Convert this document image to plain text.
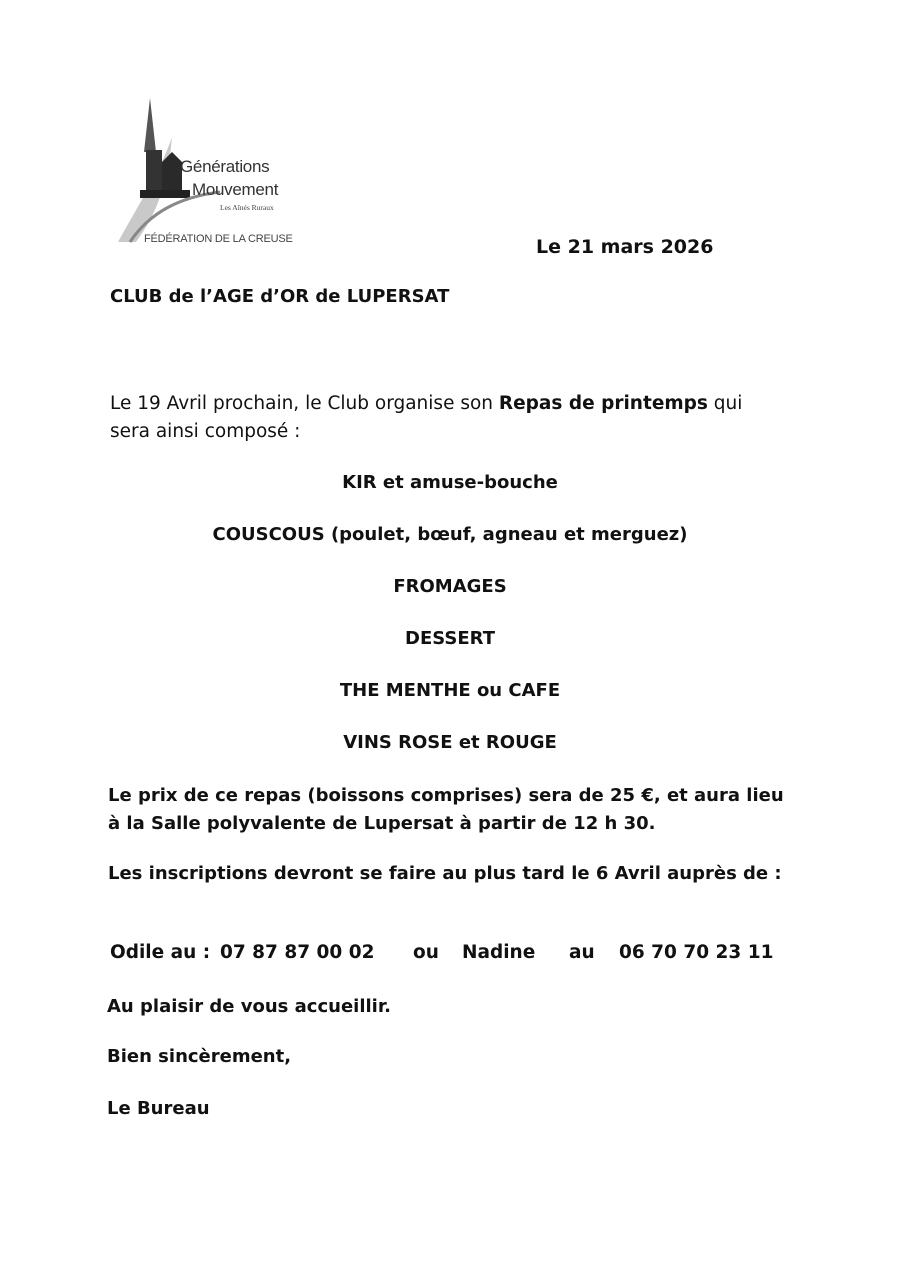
Générations
Mouvement
Les Aînés Ruraux
FÉDÉRATION DE LA CREUSE	Le 21 mars 2026
CLUB de l’AGE d’OR de LUPERSAT
Le 19 Avril prochain, le Club organise son Repas de printemps qui sera ainsi composé :
KIR et amuse-bouche
COUSCOUS (poulet, bœuf, agneau et merguez)
FROMAGES
DESSERT
THE MENTHE ou CAFE
VINS ROSE et ROUGE
Le prix de ce repas (boissons comprises) sera de 25 €, et aura lieu à la Salle polyvalente de Lupersat à partir de 12 h 30.
Les inscriptions devront se faire au plus tard le 6 Avril auprès de :
Odile au : 07 87 87 00 02 ou Nadine au 06 70 70 23 11
Au plaisir de vous accueillir.
Bien sincèrement,
Le Bureau
